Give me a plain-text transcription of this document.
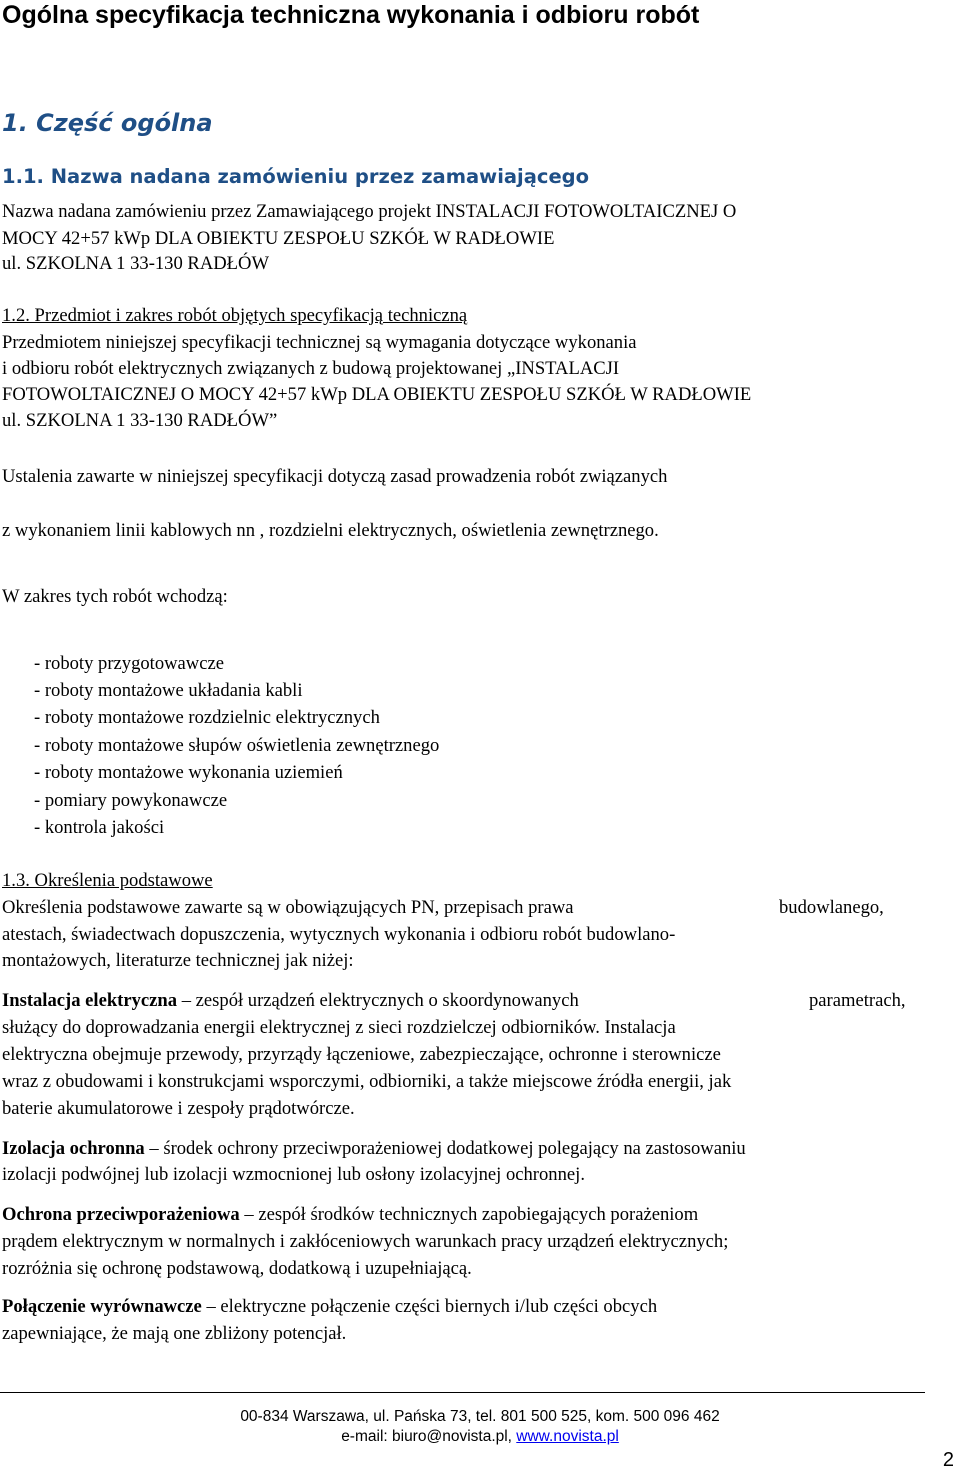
Ogólna specyfikacja techniczna wykonania i odbioru robót
1. Część ogólna
1.1. Nazwa nadana zamówieniu przez zamawiającego
Nazwa nadana zamówieniu przez Zamawiającego projekt INSTALACJI FOTOWOLTAICZNEJ O
MOCY 42+57 kWp DLA OBIEKTU ZESPOŁU SZKÓŁ W RADŁOWIE
ul. SZKOLNA 1 33-130 RADŁÓW
1.2. Przedmiot i zakres robót objętych specyfikacją techniczną
Przedmiotem niniejszej specyfikacji technicznej są wymagania dotyczące wykonania
i odbioru robót elektrycznych związanych z budową projektowanej „INSTALACJI
FOTOWOLTAICZNEJ O MOCY 42+57 kWp DLA OBIEKTU ZESPOŁU SZKÓŁ W RADŁOWIE
ul. SZKOLNA 1 33-130 RADŁÓW”
Ustalenia zawarte w niniejszej specyfikacji dotyczą zasad prowadzenia robót związanych
z wykonaniem linii kablowych nn , rozdzielni elektrycznych, oświetlenia zewnętrznego.
W zakres tych robót wchodzą:
- roboty przygotowawcze
- roboty montażowe układania kabli
- roboty montażowe rozdzielnic elektrycznych
- roboty montażowe słupów oświetlenia zewnętrznego
- roboty montażowe wykonania uziemień
- pomiary powykonawcze
- kontrola jakości
1.3. Określenia podstawowe
Określenia podstawowe zawarte są w obowiązujących PN, przepisach prawa	budowlanego,
atestach, świadectwach dopuszczenia, wytycznych wykonania i odbioru robót budowlano-
montażowych, literaturze technicznej jak niżej:
Instalacja elektryczna – zespół urządzeń elektrycznych o skoordynowanych	parametrach,
służący do doprowadzania energii elektrycznej z sieci rozdzielczej odbiorników. Instalacja
elektryczna obejmuje przewody, przyrządy łączeniowe, zabezpieczające, ochronne i sterownicze
wraz z obudowami i konstrukcjami wsporczymi, odbiorniki, a także miejscowe źródła energii, jak
baterie akumulatorowe i zespoły prądotwórcze.
Izolacja ochronna – środek ochrony przeciwporażeniowej dodatkowej polegający na zastosowaniu
izolacji podwójnej lub izolacji wzmocnionej lub osłony izolacyjnej ochronnej.
Ochrona przeciwporażeniowa – zespół środków technicznych zapobiegających porażeniom
prądem elektrycznym w normalnych i zakłóceniowych warunkach pracy urządzeń elektrycznych;
rozróżnia się ochronę podstawową, dodatkową i uzupełniającą.
Połączenie wyrównawcze – elektryczne połączenie części biernych i/lub części obcych
zapewniające, że mają one zbliżony potencjał.
00-834 Warszawa, ul. Pańska 73, tel. 801 500 525, kom. 500 096 462
e-mail: biuro@novista.pl, www.novista.pl
2
